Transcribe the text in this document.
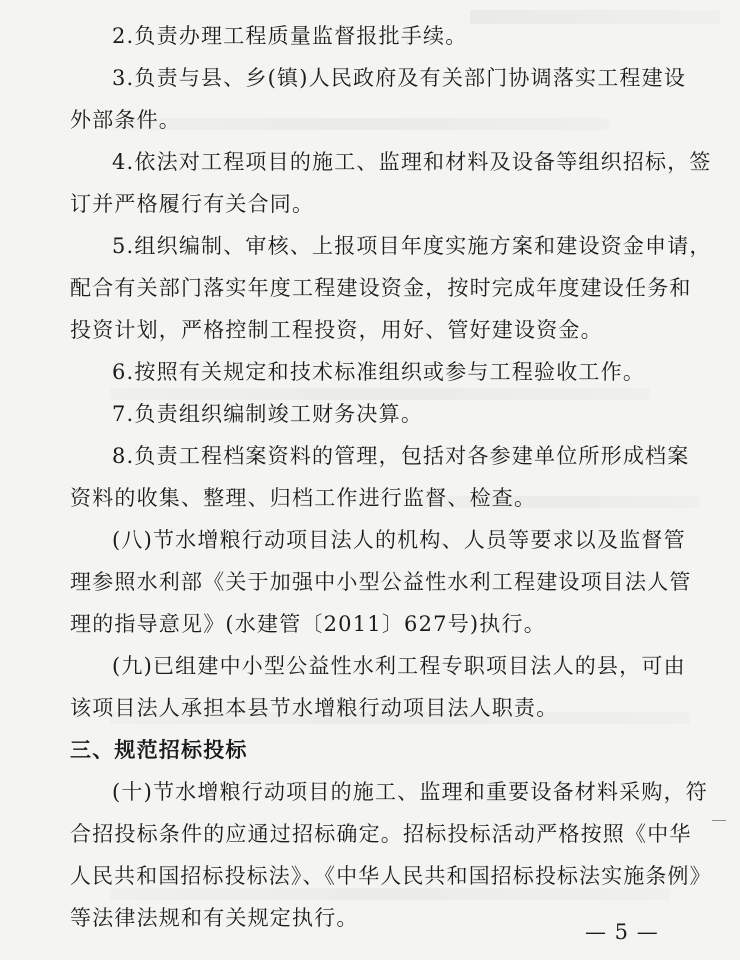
2.负责办理工程质量监督报批手续。
3.负责与县、乡(镇)人民政府及有关部门协调落实工程建设
外部条件。
4.依法对工程项目的施工、监理和材料及设备等组织招标，签
订并严格履行有关合同。
5.组织编制、审核、上报项目年度实施方案和建设资金申请，
配合有关部门落实年度工程建设资金，按时完成年度建设任务和
投资计划，严格控制工程投资，用好、管好建设资金。
6.按照有关规定和技术标准组织或参与工程验收工作。
7.负责组织编制竣工财务决算。
8.负责工程档案资料的管理，包括对各参建单位所形成档案
资料的收集、整理、归档工作进行监督、检查。
(八)节水增粮行动项目法人的机构、人员等要求以及监督管
理参照水利部《关于加强中小型公益性水利工程建设项目法人管
理的指导意见》(水建管〔2011〕627号)执行。
(九)已组建中小型公益性水利工程专职项目法人的县，可由
该项目法人承担本县节水增粮行动项目法人职责。
三、规范招标投标
(十)节水增粮行动项目的施工、监理和重要设备材料采购，符
合招投标条件的应通过招标确定。招标投标活动严格按照《中华
人民共和国招标投标法》、《中华人民共和国招标投标法实施条例》
等法律法规和有关规定执行。
— 5 —
